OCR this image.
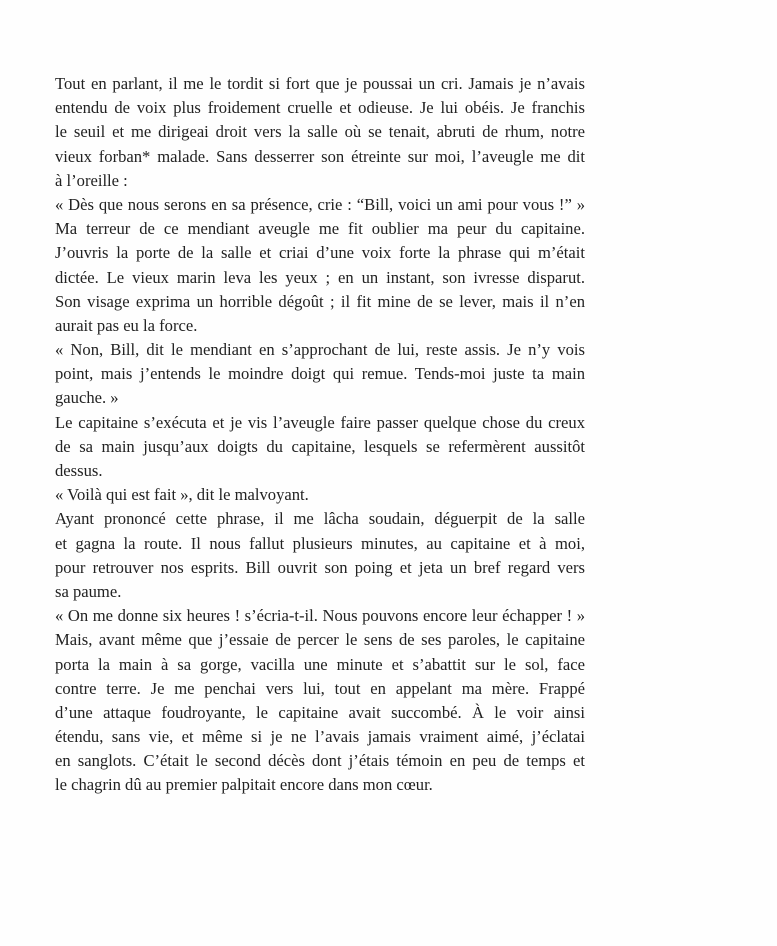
Tout en parlant, il me le tordit si fort que je poussai un cri. Jamais je n’avais
entendu de voix plus froidement cruelle et odieuse. Je lui obéis. Je franchis
le seuil et me dirigeai droit vers la salle où se tenait, abruti de rhum, notre
vieux forban* malade. Sans desserrer son étreinte sur moi, l’aveugle me dit
à l’oreille :
« Dès que nous serons en sa présence, crie : “Bill, voici un ami pour vous !” »
Ma terreur de ce mendiant aveugle me fit oublier ma peur du capitaine.
J’ouvris la porte de la salle et criai d’une voix forte la phrase qui m’était
dictée. Le vieux marin leva les yeux ; en un instant, son ivresse disparut.
Son visage exprima un horrible dégoût ; il fit mine de se lever, mais il n’en
aurait pas eu la force.
« Non, Bill, dit le mendiant en s’approchant de lui, reste assis. Je n’y vois
point, mais j’entends le moindre doigt qui remue. Tends-moi juste ta main
gauche. »
Le capitaine s’exécuta et je vis l’aveugle faire passer quelque chose du creux
de sa main jusqu’aux doigts du capitaine, lesquels se refermèrent aussitôt
dessus.
« Voilà qui est fait », dit le malvoyant.
Ayant prononcé cette phrase, il me lâcha soudain, déguerpit de la salle
et gagna la route. Il nous fallut plusieurs minutes, au capitaine et à moi,
pour retrouver nos esprits. Bill ouvrit son poing et jeta un bref regard vers
sa paume.
« On me donne six heures ! s’écria-t-il. Nous pouvons encore leur échapper ! »
Mais, avant même que j’essaie de percer le sens de ses paroles, le capitaine
porta la main à sa gorge, vacilla une minute et s’abattit sur le sol, face
contre terre. Je me penchai vers lui, tout en appelant ma mère. Frappé
d’une attaque foudroyante, le capitaine avait succombé. À le voir ainsi
étendu, sans vie, et même si je ne l’avais jamais vraiment aimé, j’éclatai
en sanglots. C’était le second décès dont j’étais témoin en peu de temps et
le chagrin dû au premier palpitait encore dans mon cœur.
